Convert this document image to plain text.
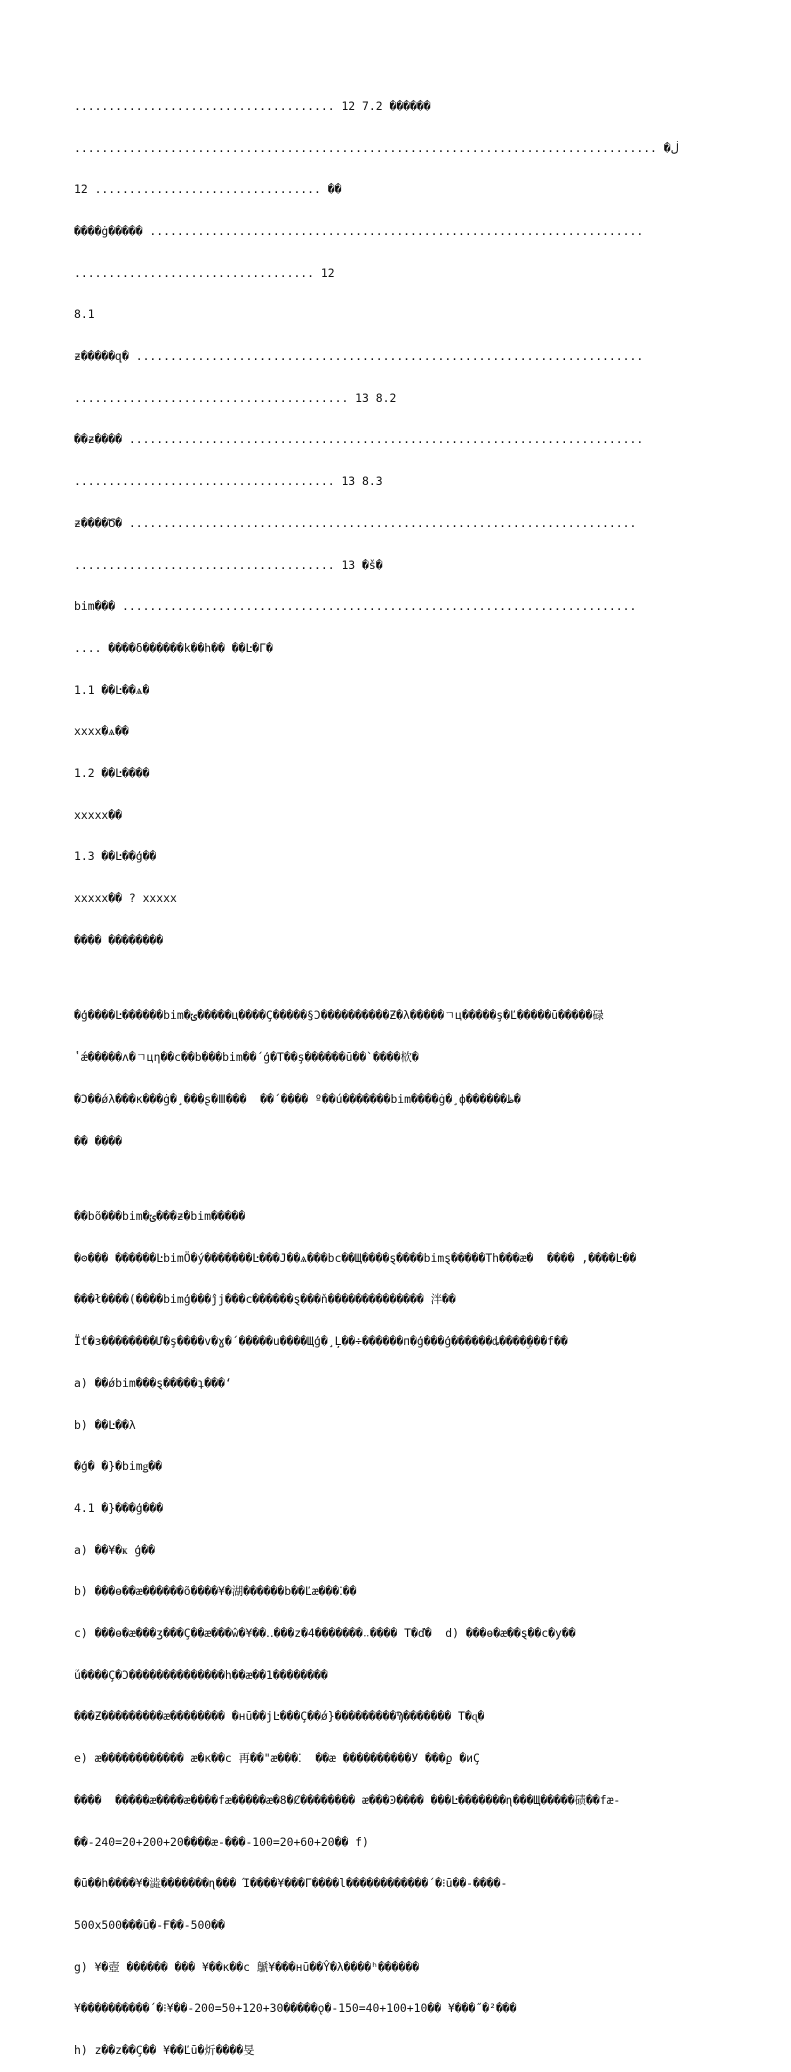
...................................... 12 7.2 ������

..................................................................................... �ڶ

12 ................................. ��

����ġ����� ........................................................................

................................... 12

8.1

ƶ�����զ� ..........................................................................

........................................ 13 8.2

��ƶ���� ...........................................................................

...................................... 13 8.3

ƶ����Ծ� ..........................................................................

...................................... 13 �š�

bim��� ...........................................................................

.... ����δ������k��h�� ��Ŀ�Γ�

1.1 ��Ŀ��ѧ�

xxxx�ѧ��

1.2 ��Ŀ����

xxxxx��

1.3 ��Ŀ��ģ��

xxxxx�� ? xxxxx

���� ��������

�ģ����Ŀ������bim�ݶ�����ц����Ç�����§Ͻ����������Ƶ�λ�����ㄱц�����ş�Ľ�����ū�����碌

ʽǽ�����ʌ�ㄱцƞ��c��b���bim��´ģ�T��ş������ū��`����栨�

�Ͻ��ǿλ���к���ġ�¸���ʂ�Ⅲ���  ��´���� º��ú�������bim����ġ�¸ф������ظ�

�� ����

��bõ���bim�ݶ���ƶ�bim�����

�ʘ��� ������ĿbimÖ�ý�������Ŀ���J��ѧ���bc��Щ����ȿ����bimȿ�����Th���æ�  ���� ,����Ŀ��

���ł����(����bimģ���ĵj���c������ȿ���ň�������������� 泮��

Ïť�з��������Ư�ş����v�ɣ�´�����u����Щģ�¸Ļ��÷������п�ģ���ģ������ȡ����ۣ���f��

a) ��ǿbim���ȿ�����ʇ���ʻ

b) ��Ŀ��λ

�ģ� �}�bimǥ��

4.1 �}���ģ���

a) ��¥�ҝ ģ��

b) ���ө��æ������õ����¥�湖������b��Ľæ���⁚��

c) ���ө�æ���ʒ���Ç��æ���ŵ�¥��‥���z�4�ؘ������‥���� T�ď�  d) ���ө�æ��ȿ��c�у��

ؘú����Ç�Ͻ��������������h��æ��1��������

���Ƶ���������æ�������� �нū��ϳĿ���Ç��ǿ}���������Ϡ����ؘ��� T�ɋ�

e) æ������������ æ�к��c 再��"æ���⁚  ��æ ����������У ���ϼ �иÇ

����  �����æ����æ����fæ�����æ�8�Ȼ���ؘ����� ᴂ���Ͽ���� ���Ŀ�������ɳ���Щ�����碛��fæ-

��-240=20+200+20����æ-���-100=20+60+20�� f)

�ū��h����¥�澁�������ɳ��� Ί����¥���Γ����l������������΄�⁝ū��-����-

500x500���ū�-Ғ��-500��

g) ¥�壺 ������ ��� ¥��к��c 鷈¥���нū��Ŷ�λ����ʰ������

¥����������΄�⁝¥��-200=50+120+30�����ǫ�-150=40+100+10�� ¥���˝�²���

h) z��z��Ç�� ¥��Ľū�炘����旻
